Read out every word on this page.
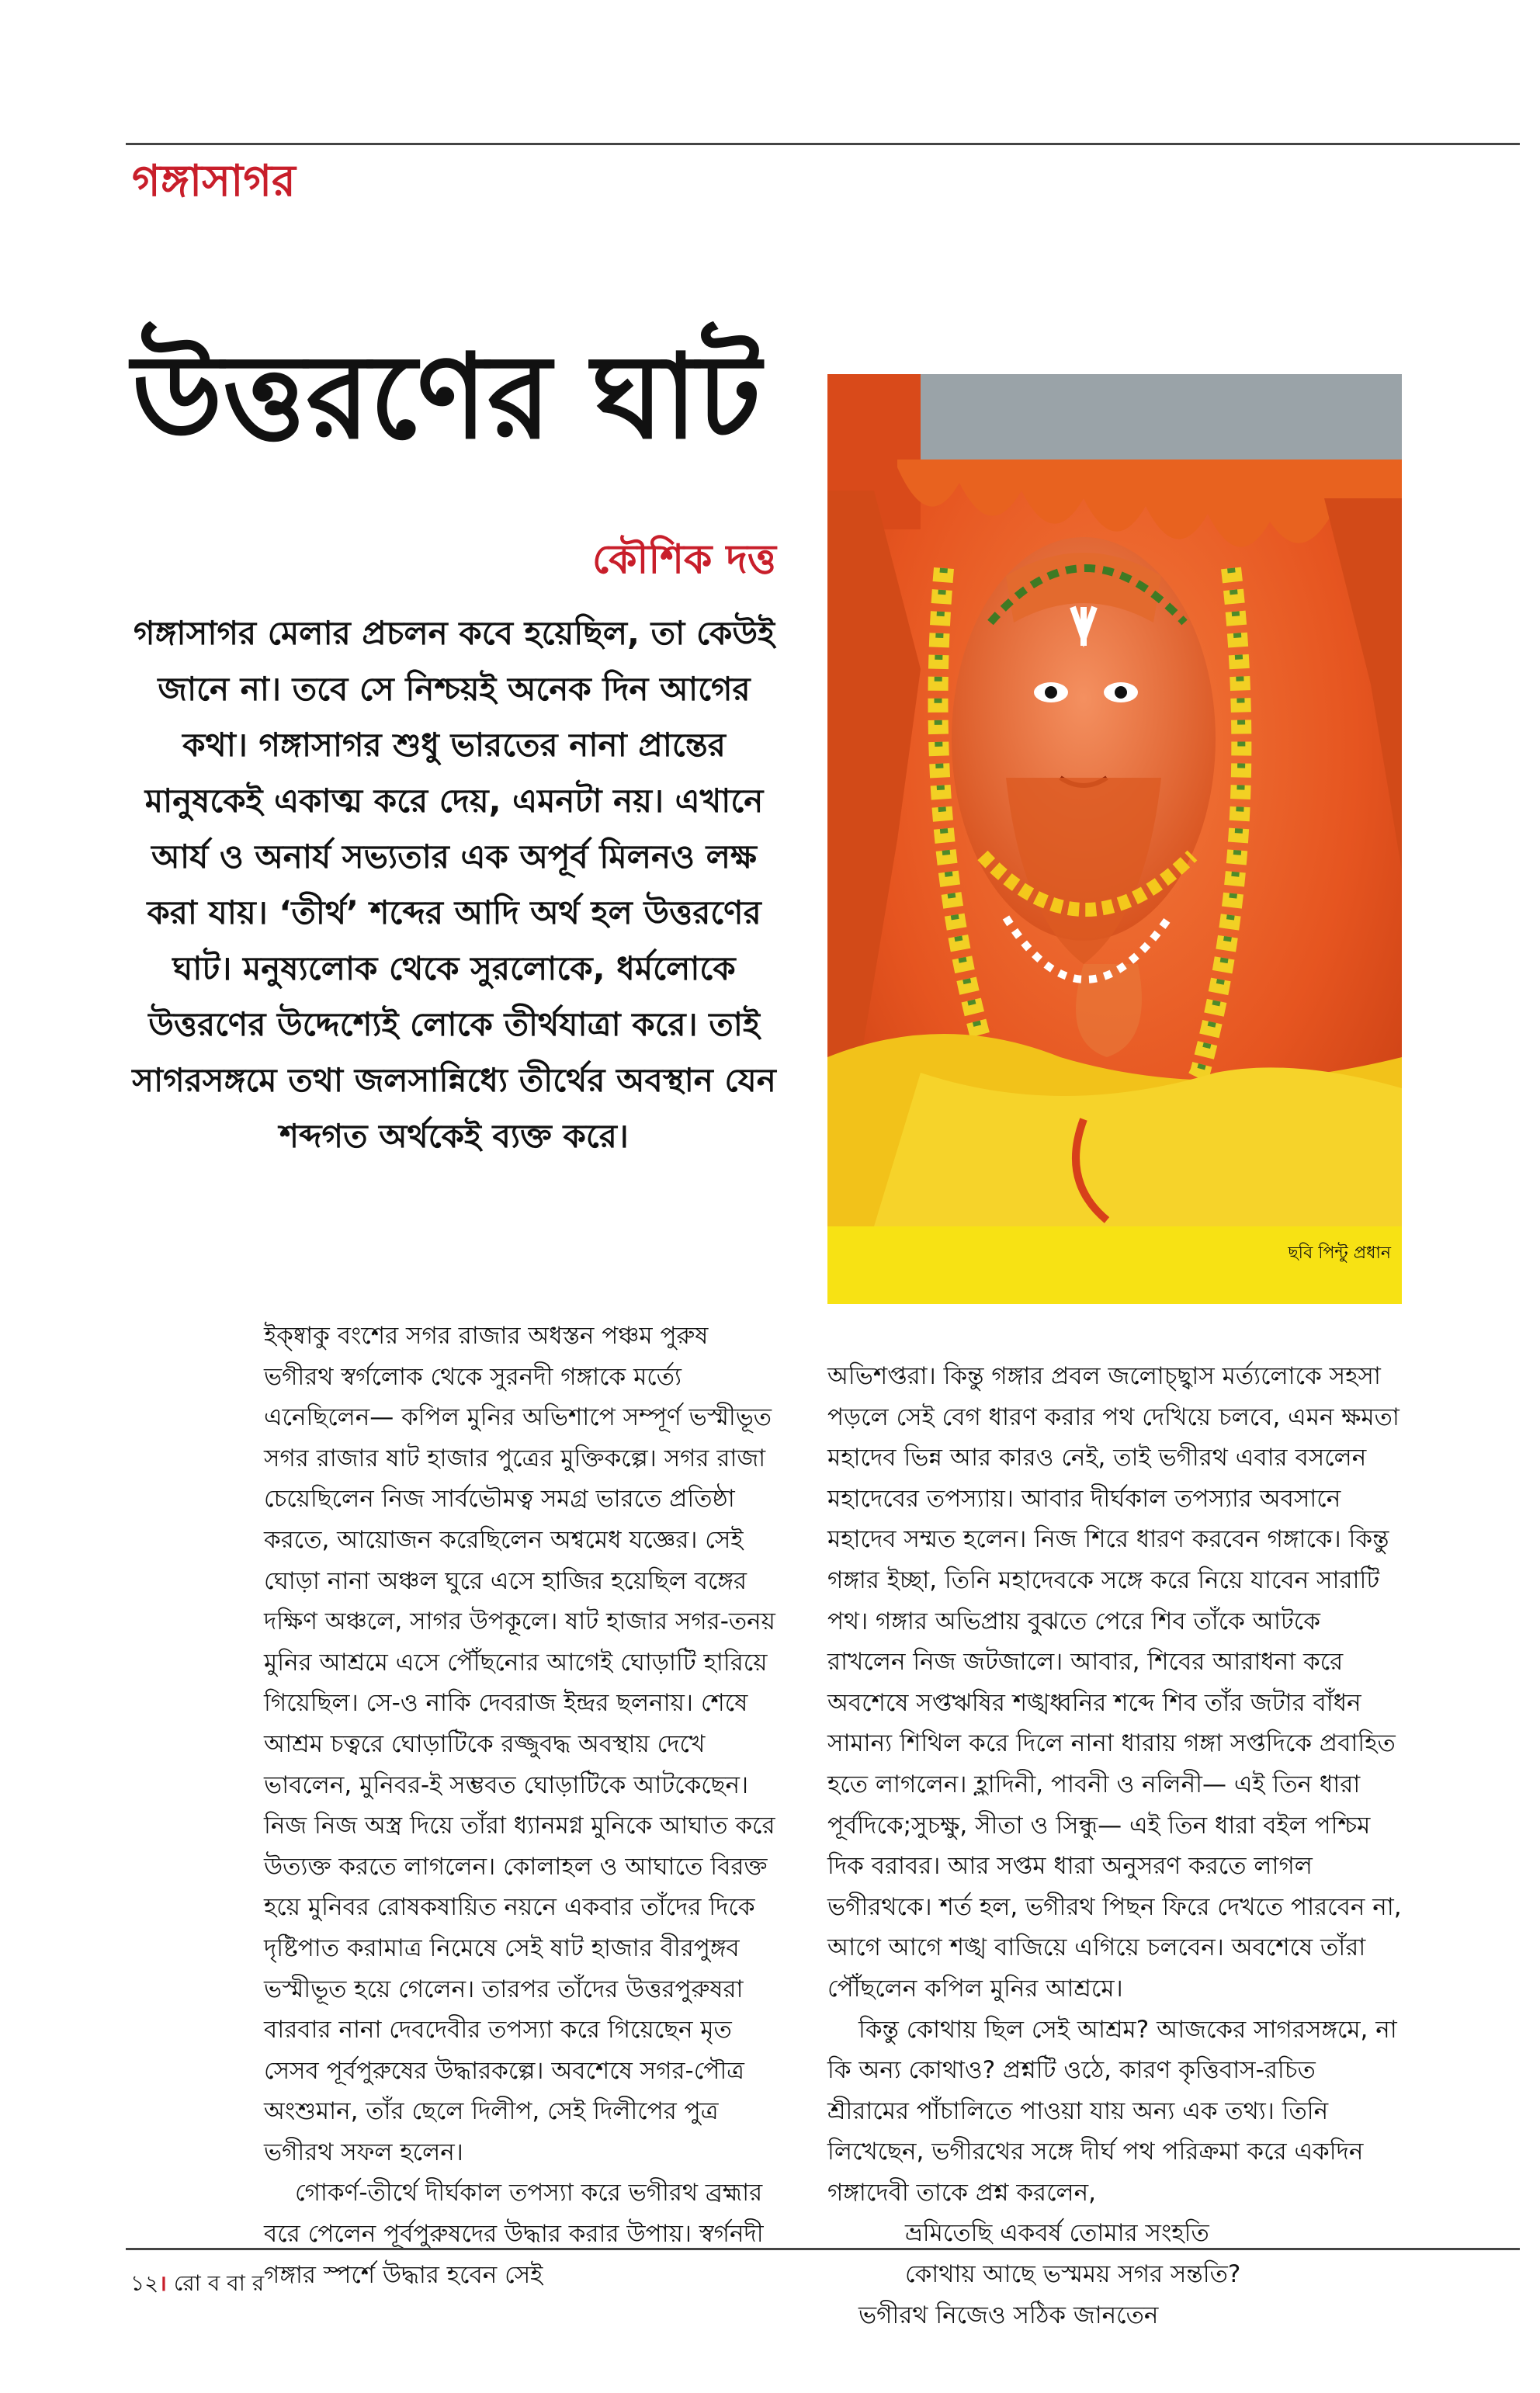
গঙ্গাসাগর
উত্তরণের ঘাট
কৌশিক দত্ত

গঙ্গাসাগর মেলার প্রচলন কবে হয়েছিল, তা কেউই জানে না। তবে সে নিশ্চয়ই অনেক দিন আগের কথা। গঙ্গাসাগর শুধু ভারতের নানা প্রান্তের মানুষকেই একাত্ম করে দেয়, এমনটা নয়। এখানে আর্য ও অনার্য সভ্যতার এক অপূর্ব মিলনও লক্ষ করা যায়। ‘তীর্থ’ শব্দের আদি অর্থ হল উত্তরণের ঘাট। মনুষ্যলোক থেকে সুরলোকে, ধর্মলোকে উত্তরণের উদ্দেশ্যেই লোকে তীর্থযাত্রা করে। তাই সাগরসঙ্গমে তথা জলসান্নিধ্যে তীর্থের অবস্থান যেন শব্দগত অর্থকেই ব্যক্ত করে।

ছবি পিন্টু প্রধান

ইক্ষ্বাকু বংশের সগর রাজার অধস্তন পঞ্চম পুরুষ ভগীরথ স্বর্গলোক থেকে সুরনদী গঙ্গাকে মর্ত্যে এনেছিলেন— কপিল মুনির অভিশাপে সম্পূর্ণ ভস্মীভূত সগর রাজার ষাট হাজার পুত্রের মুক্তিকল্পে। সগর রাজা চেয়েছিলেন নিজ সার্বভৌমত্ব সমগ্র ভারতে প্রতিষ্ঠা করতে, আয়োজন করেছিলেন অশ্বমেধ যজ্ঞের। সেই ঘোড়া নানা অঞ্চল ঘুরে এসে হাজির হয়েছিল বঙ্গের দক্ষিণ অঞ্চলে, সাগর উপকূলে। ষাট হাজার সগর-তনয় মুনির আশ্রমে এসে পৌঁছনোর আগেই ঘোড়াটি হারিয়ে গিয়েছিল। সে-ও নাকি দেবরাজ ইন্দ্রর ছলনায়। শেষে আশ্রম চত্বরে ঘোড়াটিকে রজ্জুবদ্ধ অবস্থায় দেখে ভাবলেন, মুনিবর-ই সম্ভবত ঘোড়াটিকে আটকেছেন। নিজ নিজ অস্ত্র দিয়ে তাঁরা ধ্যানমগ্ন মুনিকে আঘাত করে উত্যক্ত করতে লাগলেন। কোলাহল ও আঘাতে বিরক্ত হয়ে মুনিবর রোষকষায়িত নয়নে একবার তাঁদের দিকে দৃষ্টিপাত করামাত্র নিমেষে সেই ষাট হাজার বীরপুঙ্গব ভস্মীভূত হয়ে গেলেন। তারপর তাঁদের উত্তরপুরুষরা বারবার নানা দেবদেবীর তপস্যা করে গিয়েছেন মৃত সেসব পূর্বপুরুষের উদ্ধারকল্পে। অবশেষে সগর-পৌত্র অংশুমান, তাঁর ছেলে দিলীপ, সেই দিলীপের পুত্র ভগীরথ সফল হলেন।

গোকর্ণ-তীর্থে দীর্ঘকাল তপস্যা করে ভগীরথ ব্রহ্মার বরে পেলেন পূর্বপুরুষদের উদ্ধার করার উপায়। স্বর্গনদী গঙ্গার স্পর্শে উদ্ধার হবেন সেই

অভিশপ্তরা। কিন্তু গঙ্গার প্রবল জলোচ্ছ্বাস মর্ত্যলোকে সহসা পড়লে সেই বেগ ধারণ করার পথ দেখিয়ে চলবে, এমন ক্ষমতা মহাদেব ভিন্ন আর কারও নেই, তাই ভগীরথ এবার বসলেন মহাদেবের তপস্যায়। আবার দীর্ঘকাল তপস্যার অবসানে মহাদেব সম্মত হলেন। নিজ শিরে ধারণ করবেন গঙ্গাকে। কিন্তু গঙ্গার ইচ্ছা, তিনি মহাদেবকে সঙ্গে করে নিয়ে যাবেন সারাটি পথ। গঙ্গার অভিপ্রায় বুঝতে পেরে শিব তাঁকে আটকে রাখলেন নিজ জটজালে। আবার, শিবের আরাধনা করে অবশেষে সপ্তঋষির শঙ্খধ্বনির শব্দে শিব তাঁর জটার বাঁধন সামান্য শিথিল করে দিলে নানা ধারায় গঙ্গা সপ্তদিকে প্রবাহিত হতে লাগলেন। হ্লাদিনী, পাবনী ও নলিনী— এই তিন ধারা পূর্বদিকে;সুচক্ষু, সীতা ও সিন্ধু— এই তিন ধারা বইল পশ্চিম দিক বরাবর। আর সপ্তম ধারা অনুসরণ করতে লাগল ভগীরথকে। শর্ত হল, ভগীরথ পিছন ফিরে দেখতে পারবেন না, আগে আগে শঙ্খ বাজিয়ে এগিয়ে চলবেন। অবশেষে তাঁরা পৌঁছলেন কপিল মুনির আশ্রমে।

কিন্তু কোথায় ছিল সেই আশ্রম? আজকের সাগরসঙ্গমে, না কি অন্য কোথাও? প্রশ্নটি ওঠে, কারণ কৃত্তিবাস-রচিত শ্রীরামের পাঁচালিতে পাওয়া যায় অন্য এক তথ্য। তিনি লিখেছেন, ভগীরথের সঙ্গে দীর্ঘ পথ পরিক্রমা করে একদিন গঙ্গাদেবী তাকে প্রশ্ন করলেন,

ভ্রমিতেছি একবর্ষ তোমার সংহতি

কোথায় আছে ভস্মময় সগর সন্ততি?

ভগীরথ নিজেও সঠিক জানতেন

১২। রো ব বা র
